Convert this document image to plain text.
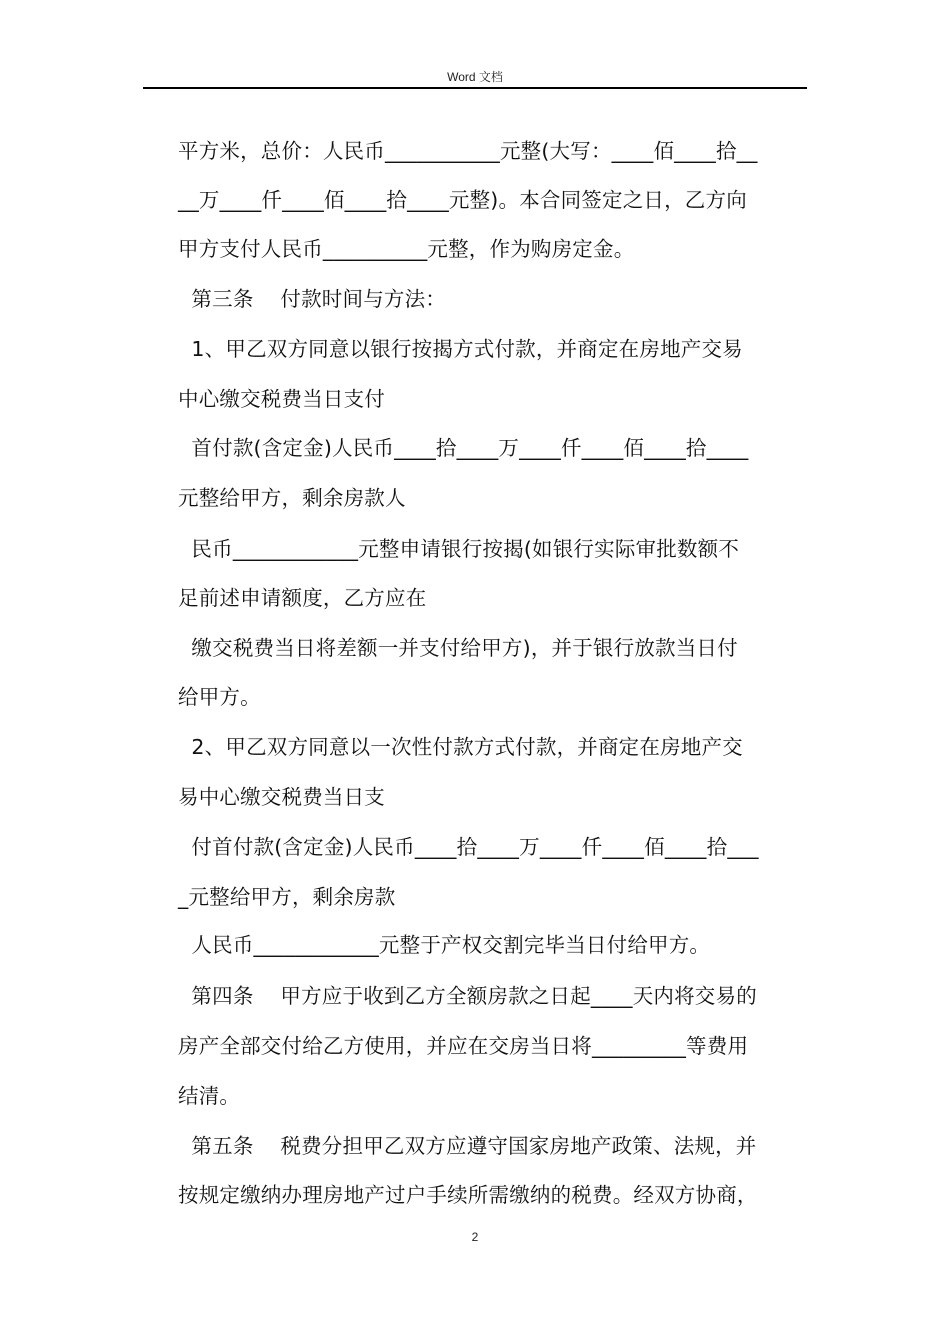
Word 文档
平方米，总价：人民币___________元整(大写：____佰____拾__
__万____仟____佰____拾____元整)。本合同签定之日，乙方向
甲方支付人民币__________元整，作为购房定金。
第三条    付款时间与方法：
1、甲乙双方同意以银行按揭方式付款，并商定在房地产交易
中心缴交税费当日支付
首付款(含定金)人民币____拾____万____仟____佰____拾____
元整给甲方，剩余房款人
民币____________元整申请银行按揭(如银行实际审批数额不
足前述申请额度，乙方应在
缴交税费当日将差额一并支付给甲方)，并于银行放款当日付
给甲方。
2、甲乙双方同意以一次性付款方式付款，并商定在房地产交
易中心缴交税费当日支
付首付款(含定金)人民币____拾____万____仟____佰____拾___
_元整给甲方，剩余房款
人民币____________元整于产权交割完毕当日付给甲方。
第四条    甲方应于收到乙方全额房款之日起____天内将交易的
房产全部交付给乙方使用，并应在交房当日将_________等费用
结清。
第五条    税费分担甲乙双方应遵守国家房地产政策、法规，并
按规定缴纳办理房地产过户手续所需缴纳的税费。经双方协商，
2
